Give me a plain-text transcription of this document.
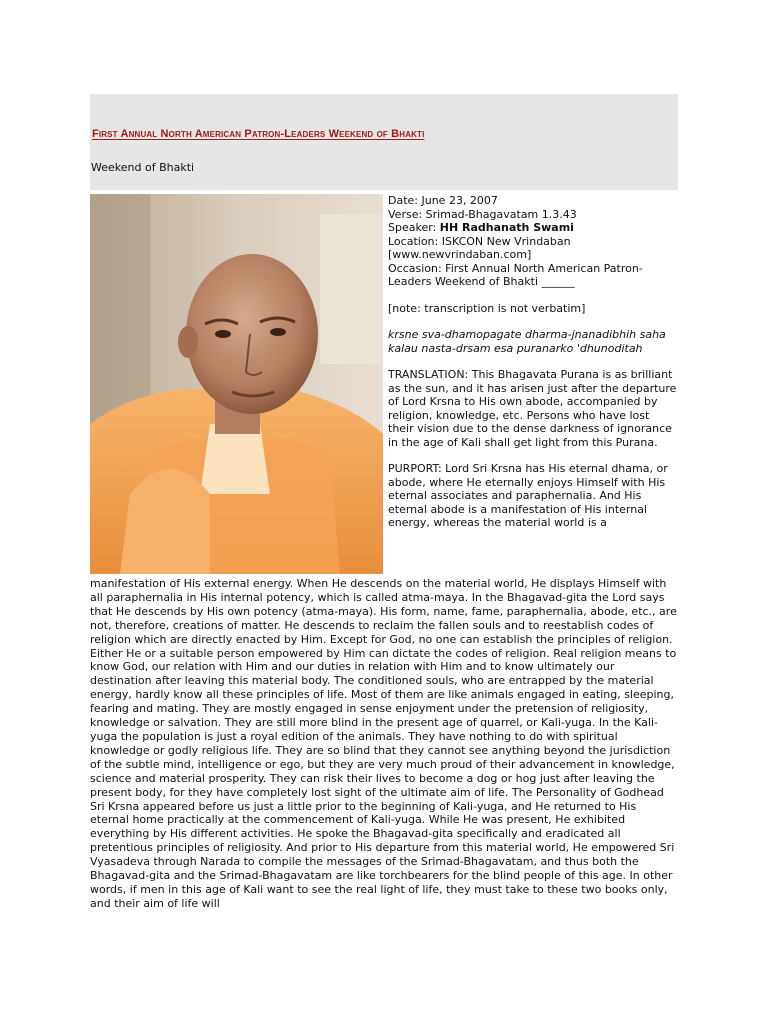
First Annual North American Patron-Leaders Weekend of Bhakti
Weekend of Bhakti

Date: June 23, 2007

Verse: Srimad-Bhagavatam 1.3.43

Speaker: HH Radhanath Swami

Location: ISKCON New Vrindaban

[www.newvrindaban.com]

Occasion: First Annual North American Patron-Leaders Weekend of Bhakti ______

[note: transcription is not verbatim]

krsne sva-dhamopagate dharma-jnanadibhih saha

kalau nasta-drsam esa puranarko 'dhunoditah

TRANSLATION: This Bhagavata Purana is as brilliant as the sun, and it has arisen just after the departure of Lord Krsna to His own abode, accompanied by religion, knowledge, etc. Persons who have lost their vision due to the dense darkness of ignorance in the age of Kali shall get light from this Purana.

PURPORT: Lord Sri Krsna has His eternal dhama, or abode, where He eternally enjoys Himself with His eternal associates and paraphernalia. And His eternal abode is a manifestation of His internal energy, whereas the material world is a

manifestation of His external energy. When He descends on the material world, He displays Himself with all paraphernalia in His internal potency, which is called atma-maya. In the Bhagavad-gita the Lord says that He descends by His own potency (atma-maya). His form, name, fame, paraphernalia, abode, etc., are not, therefore, creations of matter. He descends to reclaim the fallen souls and to reestablish codes of religion which are directly enacted by Him. Except for God, no one can establish the principles of religion. Either He or a suitable person empowered by Him can dictate the codes of religion. Real religion means to know God, our relation with Him and our duties in relation with Him and to know ultimately our destination after leaving this material body. The conditioned souls, who are entrapped by the material energy, hardly know all these principles of life. Most of them are like animals engaged in eating, sleeping, fearing and mating. They are mostly engaged in sense enjoyment under the pretension of religiosity, knowledge or salvation. They are still more blind in the present age of quarrel, or Kali-yuga. In the Kali-yuga the population is just a royal edition of the animals. They have nothing to do with spiritual knowledge or godly religious life. They are so blind that they cannot see anything beyond the jurisdiction of the subtle mind, intelligence or ego, but they are very much proud of their advancement in knowledge, science and material prosperity. They can risk their lives to become a dog or hog just after leaving the present body, for they have completely lost sight of the ultimate aim of life. The Personality of Godhead Sri Krsna appeared before us just a little prior to the beginning of Kali-yuga, and He returned to His eternal home practically at the commencement of Kali-yuga. While He was present, He exhibited everything by His different activities. He spoke the Bhagavad-gita specifically and eradicated all pretentious principles of religiosity. And prior to His departure from this material world, He empowered Sri Vyasadeva through Narada to compile the messages of the Srimad-Bhagavatam, and thus both the Bhagavad-gita and the Srimad-Bhagavatam are like torchbearers for the blind people of this age. In other words, if men in this age of Kali want to see the real light of life, they must take to these two books only, and their aim of life will
